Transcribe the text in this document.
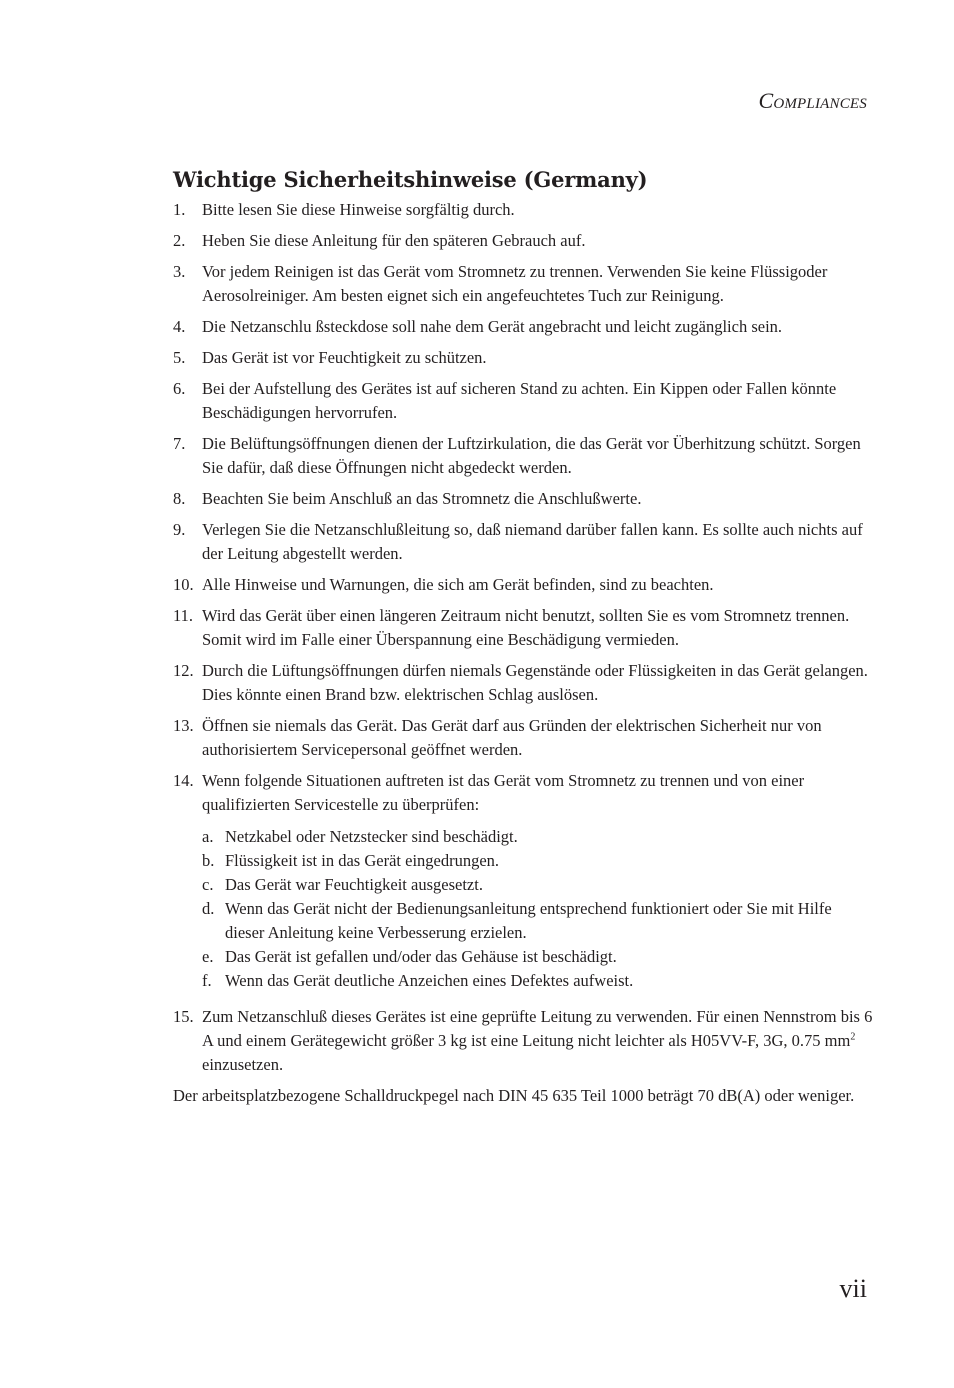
Compliances
Wichtige Sicherheitshinweise (Germany)
1. Bitte lesen Sie diese Hinweise sorgfältig durch.
2. Heben Sie diese Anleitung für den späteren Gebrauch auf.
3. Vor jedem Reinigen ist das Gerät vom Stromnetz zu trennen. Verwenden Sie keine Flüssigoder Aerosolreiniger. Am besten eignet sich ein angefeuchtetes Tuch zur Reinigung.
4. Die Netzanschlu ßsteckdose soll nahe dem Gerät angebracht und leicht zugänglich sein.
5. Das Gerät ist vor Feuchtigkeit zu schützen.
6. Bei der Aufstellung des Gerätes ist auf sicheren Stand zu achten. Ein Kippen oder Fallen könnte Beschädigungen hervorrufen.
7. Die Belüftungsöffnungen dienen der Luftzirkulation, die das Gerät vor Überhitzung schützt. Sorgen Sie dafür, daß diese Öffnungen nicht abgedeckt werden.
8. Beachten Sie beim Anschluß an das Stromnetz die Anschlußwerte.
9. Verlegen Sie die Netzanschlußleitung so, daß niemand darüber fallen kann. Es sollte auch nichts auf der Leitung abgestellt werden.
10. Alle Hinweise und Warnungen, die sich am Gerät befinden, sind zu beachten.
11. Wird das Gerät über einen längeren Zeitraum nicht benutzt, sollten Sie es vom Stromnetz trennen. Somit wird im Falle einer Überspannung eine Beschädigung vermieden.
12. Durch die Lüftungsöffnungen dürfen niemals Gegenstände oder Flüssigkeiten in das Gerät gelangen. Dies könnte einen Brand bzw. elektrischen Schlag auslösen.
13. Öffnen sie niemals das Gerät. Das Gerät darf aus Gründen der elektrischen Sicherheit nur von authorisiertem Servicepersonal geöffnet werden.
14. Wenn folgende Situationen auftreten ist das Gerät vom Stromnetz zu trennen und von einer qualifizierten Servicestelle zu überprüfen:
a. Netzkabel oder Netzstecker sind beschädigt.
b. Flüssigkeit ist in das Gerät eingedrungen.
c. Das Gerät war Feuchtigkeit ausgesetzt.
d. Wenn das Gerät nicht der Bedienungsanleitung entsprechend funktioniert oder Sie mit Hilfe dieser Anleitung keine Verbesserung erzielen.
e. Das Gerät ist gefallen und/oder das Gehäuse ist beschädigt.
f. Wenn das Gerät deutliche Anzeichen eines Defektes aufweist.
15. Zum Netzanschluß dieses Gerätes ist eine geprüfte Leitung zu verwenden. Für einen Nennstrom bis 6 A und einem Gerätegewicht größer 3 kg ist eine Leitung nicht leichter als H05VV-F, 3G, 0.75 $mm^2$ einzusetzen.

Der arbeitsplatzbezogene Schalldruckpegel nach DIN 45 635 Teil 1000 beträgt 70 dB(A) oder weniger.

vii
